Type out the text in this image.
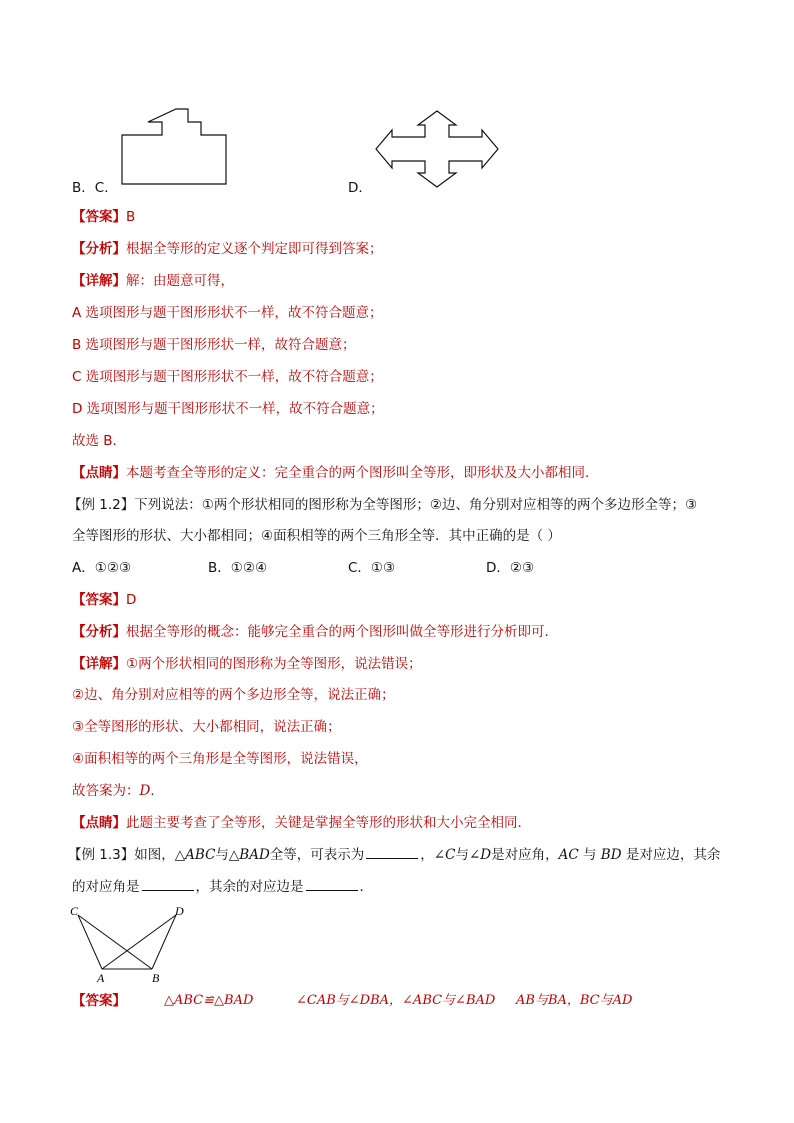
B．C．	D．
【答案】B
【分析】根据全等形的定义逐个判定即可得到答案；
【详解】解：由题意可得，
A 选项图形与题干图形形状不一样，故不符合题意；
B 选项图形与题干图形形状一样，故符合题意；
C 选项图形与题干图形形状不一样，故不符合题意；
D 选项图形与题干图形形状不一样，故不符合题意；
故选 B．
【点睛】本题考查全等形的定义：完全重合的两个图形叫全等形，即形状及大小都相同.
【例 1.2】下列说法：①两个形状相同的图形称为全等图形；②边、角分别对应相等的两个多边形全等；③
全等图形的形状、大小都相同；④面积相等的两个三角形全等．其中正确的是（ ）
A．①②③	B．①②④	C．①③	D．②③
【答案】D
【分析】根据全等形的概念：能够完全重合的两个图形叫做全等形进行分析即可．
【详解】①两个形状相同的图形称为全等图形，说法错误；
②边、角分别对应相等的两个多边形全等，说法正确；
③全等图形的形状、大小都相同，说法正确；
④面积相等的两个三角形是全等图形，说法错误，
故答案为：D．
【点睛】此题主要考查了全等形，关键是掌握全等形的形状和大小完全相同．
【例 1.3】如图，△ABC与△BAD全等，可表示为	，∠C与∠D是对应角，AC 与 BD 是对应边，其余
的对应角是	，其余的对应边是	．
C	D
A	B
【答案】	△ABC≌△BAD	∠CAB与∠DBA，∠ABC与∠BAD AB与BA，BC与AD
